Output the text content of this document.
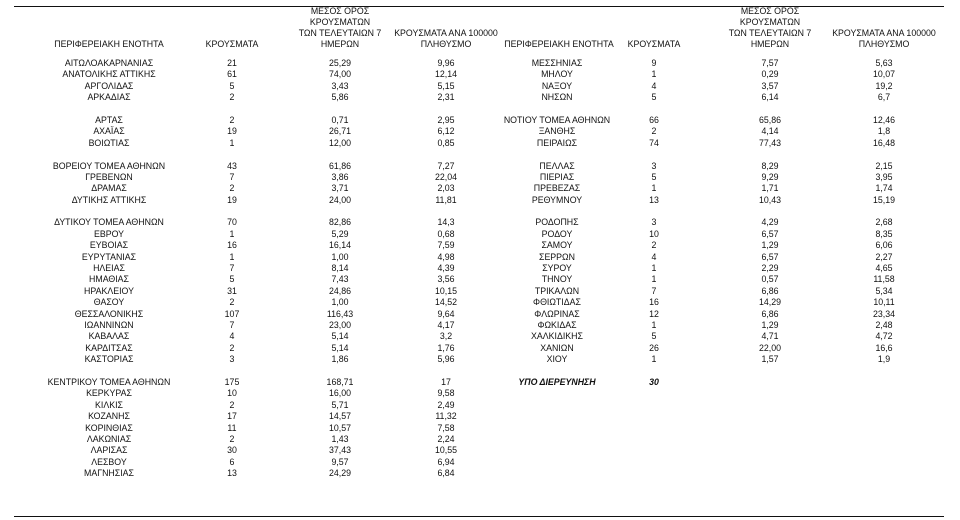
ΠΕΡΙΦΕΡΕΙΑΚΗ ΕΝΟΤΗΤΑ	ΚΡΟΥΣΜΑΤΑ
ΜΕΣΟΣ ΟΡΟΣ ΚΡΟΥΣΜΑΤΩΝ
ΤΩΝ ΤΕΛΕΥΤΑΙΩΝ 7
ΗΜΕΡΩΝ
ΚΡΟΥΣΜΑΤΑ ΑΝΑ 100000
ΠΛΗΘΥΣΜΟ
ΑΙΤΩΛΟΑΚΑΡΝΑΝΙΑΣ	21	25,29	9,96
ΑΝΑΤΟΛΙΚΗΣ ΑΤΤΙΚΗΣ	61	74,00	12,14
ΑΡΓΟΛΙΔΑΣ	5	3,43	5,15
ΑΡΚΑΔΙΑΣ	2	5,86	2,31
ΑΡΤΑΣ	2	0,71	2,95
ΑΧΑΪΑΣ	19	26,71	6,12
ΒΟΙΩΤΙΑΣ	1	12,00	0,85
ΒΟΡΕΙΟΥ ΤΟΜΕΑ ΑΘΗΝΩΝ	43	61,86	7,27
ΓΡΕΒΕΝΩΝ	7	3,86	22,04
ΔΡΑΜΑΣ	2	3,71	2,03
ΔΥΤΙΚΗΣ ΑΤΤΙΚΗΣ	19	24,00	11,81
ΔΥΤΙΚΟΥ ΤΟΜΕΑ ΑΘΗΝΩΝ	70	82,86	14,3
ΕΒΡΟΥ	1	5,29	0,68
ΕΥΒΟΙΑΣ	16	16,14	7,59
ΕΥΡΥΤΑΝΙΑΣ	1	1,00	4,98
ΗΛΕΙΑΣ	7	8,14	4,39
ΗΜΑΘΙΑΣ	5	7,43	3,56
ΗΡΑΚΛΕΙΟΥ	31	24,86	10,15
ΘΑΣΟΥ	2	1,00	14,52
ΘΕΣΣΑΛΟΝΙΚΗΣ	107	116,43	9,64
ΙΩΑΝΝΙΝΩΝ	7	23,00	4,17
ΚΑΒΑΛΑΣ	4	5,14	3,2
ΚΑΡΔΙΤΣΑΣ	2	5,14	1,76
ΚΑΣΤΟΡΙΑΣ	3	1,86	5,96
ΚΕΝΤΡΙΚΟΥ ΤΟΜΕΑ ΑΘΗΝΩΝ	175	168,71	17
ΚΕΡΚΥΡΑΣ	10	16,00	9,58
ΚΙΛΚΙΣ	2	5,71	2,49
ΚΟΖΑΝΗΣ	17	14,57	11,32
ΚΟΡΙΝΘΙΑΣ	11	10,57	7,58
ΛΑΚΩΝΙΑΣ	2	1,43	2,24
ΛΑΡΙΣΑΣ	30	37,43	10,55
ΛΕΣΒΟΥ	6	9,57	6,94
ΜΑΓΝΗΣΙΑΣ	13	24,29	6,84
ΠΕΡΙΦΕΡΕΙΑΚΗ ΕΝΟΤΗΤΑ	ΚΡΟΥΣΜΑΤΑ
ΜΕΣΟΣ ΟΡΟΣ ΚΡΟΥΣΜΑΤΩΝ
ΤΩΝ ΤΕΛΕΥΤΑΙΩΝ 7
ΗΜΕΡΩΝ
ΚΡΟΥΣΜΑΤΑ ΑΝΑ 100000
ΠΛΗΘΥΣΜΟ
ΜΕΣΣΗΝΙΑΣ	9	7,57	5,63
ΜΗΛΟΥ	1	0,29	10,07
ΝΑΞΟΥ	4	3,57	19,2
ΝΗΣΩΝ	5	6,14	6,7
ΝΟΤΙΟΥ ΤΟΜΕΑ ΑΘΗΝΩΝ	66	65,86	12,46
ΞΑΝΘΗΣ	2	4,14	1,8
ΠΕΙΡΑΙΩΣ	74	77,43	16,48
ΠΕΛΛΑΣ	3	8,29	2,15
ΠΙΕΡΙΑΣ	5	9,29	3,95
ΠΡΕΒΕΖΑΣ	1	1,71	1,74
ΡΕΘΥΜΝΟΥ	13	10,43	15,19
ΡΟΔΟΠΗΣ	3	4,29	2,68
ΡΟΔΟΥ	10	6,57	8,35
ΣΑΜΟΥ	2	1,29	6,06
ΣΕΡΡΩΝ	4	6,57	2,27
ΣΥΡΟΥ	1	2,29	4,65
ΤΗΝΟΥ	1	0,57	11,58
ΤΡΙΚΑΛΩΝ	7	6,86	5,34
ΦΘΙΩΤΙΔΑΣ	16	14,29	10,11
ΦΛΩΡΙΝΑΣ	12	6,86	23,34
ΦΩΚΙΔΑΣ	1	1,29	2,48
ΧΑΛΚΙΔΙΚΗΣ	5	4,71	4,72
ΧΑΝΙΩΝ	26	22,00	16,6
ΧΙΟΥ	1	1,57	1,9
ΥΠΟ ΔΙΕΡΕΥΝΗΣΗ	30
